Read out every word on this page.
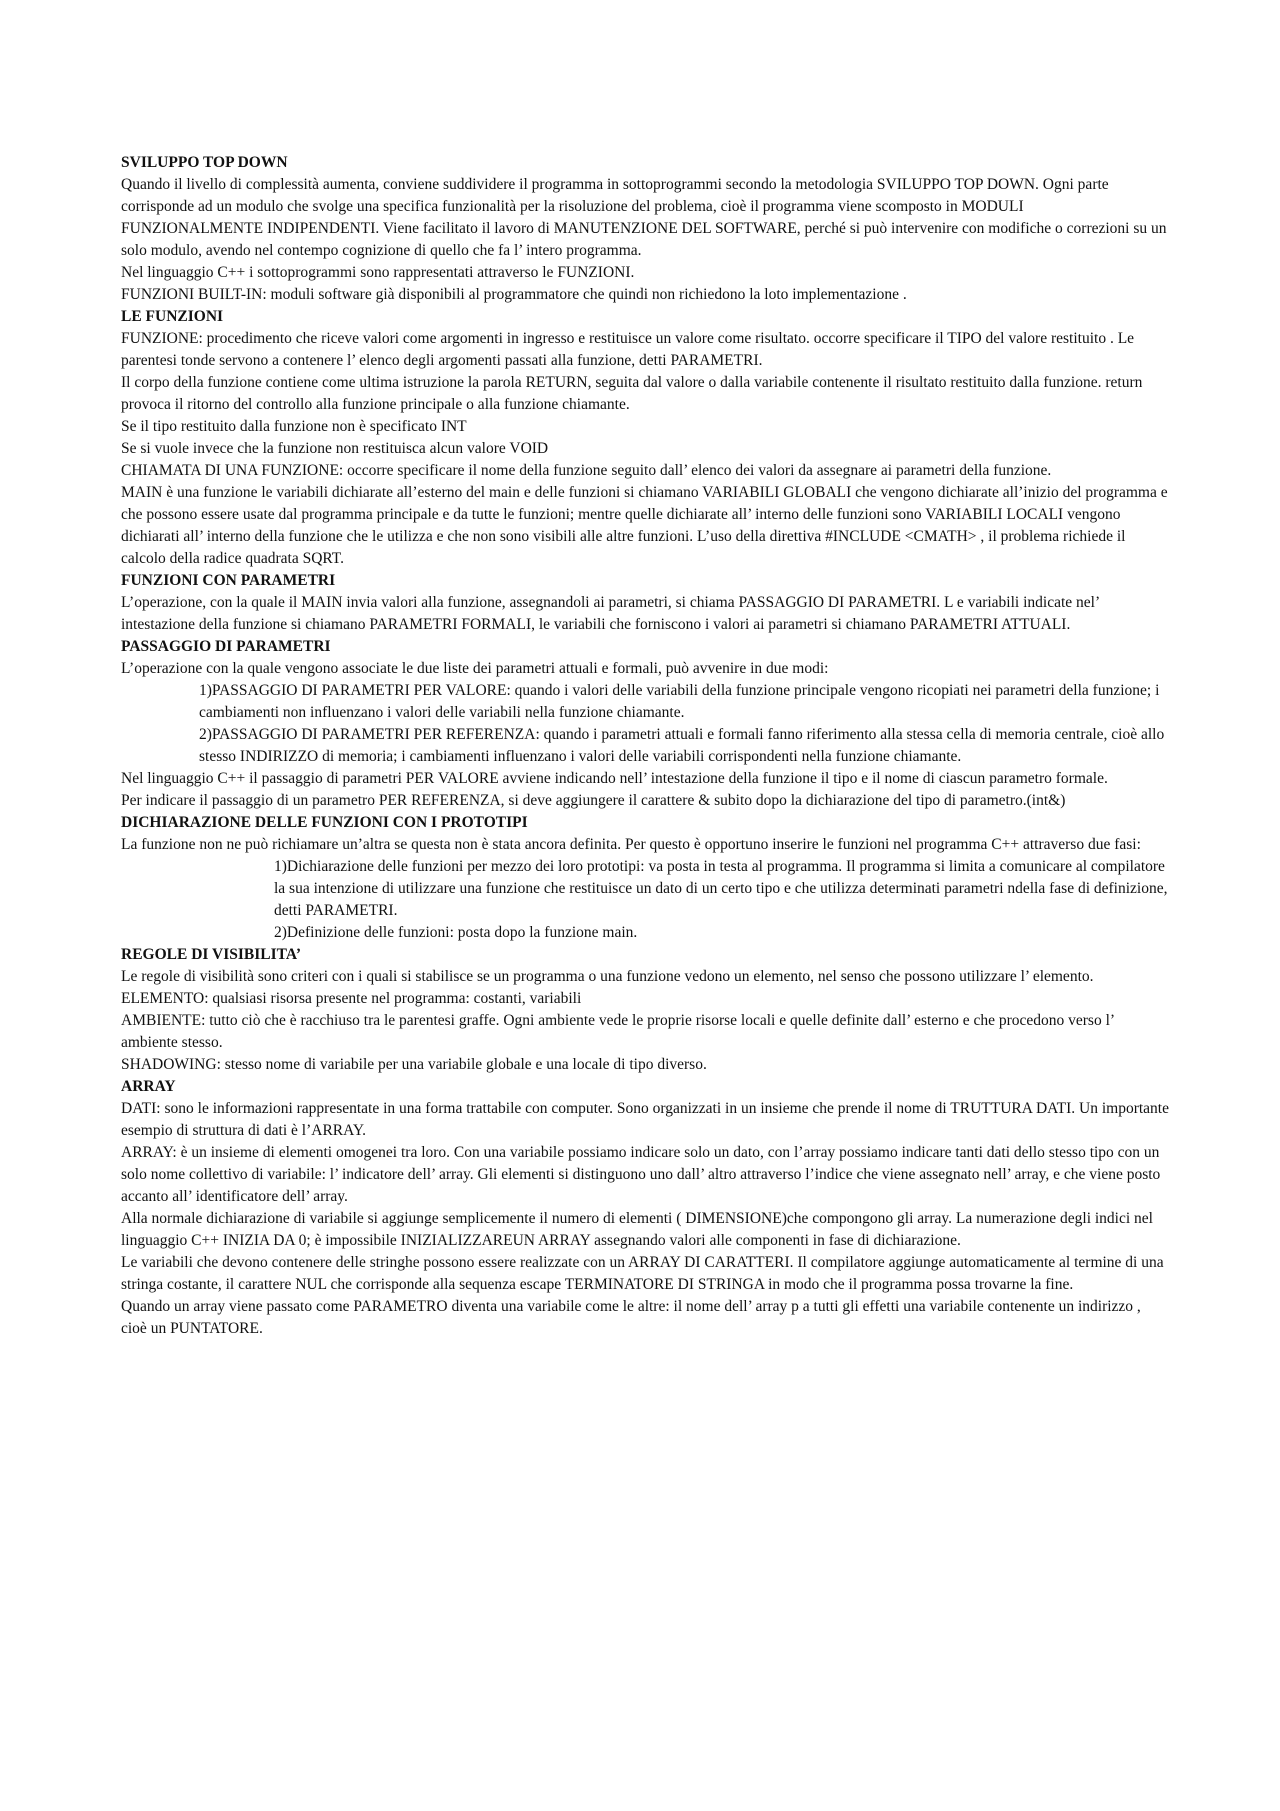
SVILUPPO TOP DOWN

Quando il livello di complessità aumenta, conviene suddividere il programma in sottoprogrammi secondo la metodologia SVILUPPO TOP DOWN. Ogni parte corrisponde ad un modulo che svolge una specifica funzionalità per la risoluzione del problema, cioè il programma viene scomposto in MODULI FUNZIONALMENTE INDIPENDENTI. Viene facilitato il lavoro di MANUTENZIONE DEL SOFTWARE, perché si può intervenire con modifiche o correzioni su un solo modulo, avendo nel contempo cognizione di quello che fa l’ intero programma.

Nel linguaggio C++ i sottoprogrammi sono rappresentati attraverso le FUNZIONI.

FUNZIONI BUILT-IN: moduli software già disponibili al programmatore che quindi non richiedono la loto implementazione .

LE FUNZIONI

FUNZIONE: procedimento che riceve valori come argomenti in ingresso e restituisce un valore come risultato. occorre specificare il TIPO del valore restituito . Le parentesi tonde servono a contenere l’ elenco degli argomenti passati alla funzione, detti PARAMETRI.

Il corpo della funzione contiene come ultima istruzione la parola RETURN, seguita dal valore o dalla variabile contenente il risultato restituito dalla funzione. return provoca il ritorno del controllo alla funzione principale o alla funzione chiamante.

Se il tipo restituito dalla funzione non è specificato INT

Se si vuole invece che la funzione non restituisca alcun valore VOID

CHIAMATA DI UNA FUNZIONE: occorre specificare il nome della funzione seguito dall’ elenco dei valori da assegnare ai parametri della funzione.

MAIN è una funzione le variabili dichiarate all’esterno del main e delle funzioni si chiamano VARIABILI GLOBALI che vengono dichiarate all’inizio del programma e che possono essere usate dal programma principale e da tutte le funzioni; mentre quelle dichiarate all’ interno delle funzioni sono VARIABILI LOCALI vengono dichiarati all’ interno della funzione che le utilizza e che non sono visibili alle altre funzioni. L’uso della direttiva #INCLUDE <CMATH> , il problema richiede il calcolo della radice quadrata SQRT.

FUNZIONI CON PARAMETRI

L’operazione, con la quale il MAIN invia valori alla funzione, assegnandoli ai parametri, si chiama PASSAGGIO DI PARAMETRI. L e variabili indicate nel’ intestazione della funzione si chiamano PARAMETRI FORMALI, le variabili che forniscono i valori ai parametri si chiamano PARAMETRI ATTUALI.

PASSAGGIO DI PARAMETRI

L’operazione con la quale vengono associate le due liste dei parametri attuali e formali, può avvenire in due modi:

1)PASSAGGIO DI PARAMETRI PER VALORE: quando i valori delle variabili della funzione principale vengono ricopiati nei parametri della funzione; i cambiamenti non influenzano i valori delle variabili nella funzione chiamante.

2)PASSAGGIO DI PARAMETRI PER REFERENZA: quando i parametri attuali e formali fanno riferimento alla stessa cella di memoria centrale, cioè allo stesso INDIRIZZO di memoria; i cambiamenti influenzano i valori delle variabili corrispondenti nella funzione chiamante.

Nel linguaggio C++ il passaggio di parametri PER VALORE avviene indicando nell’ intestazione della funzione il tipo e il nome di ciascun parametro formale.

Per indicare il passaggio di un parametro PER REFERENZA, si deve aggiungere il carattere & subito dopo la dichiarazione del tipo di parametro.(int&)

DICHIARAZIONE DELLE FUNZIONI CON I PROTOTIPI

La funzione non ne può richiamare un’altra se questa non è stata ancora definita. Per questo è opportuno inserire le funzioni nel programma C++ attraverso due fasi:

1)Dichiarazione delle funzioni per mezzo dei loro prototipi: va posta in testa al programma. Il programma si limita a comunicare al compilatore la sua intenzione di utilizzare una funzione che restituisce un dato di un certo tipo e che utilizza determinati parametri ndella fase di definizione, detti PARAMETRI.

2)Definizione delle funzioni: posta dopo la funzione main.

REGOLE DI VISIBILITA’

Le regole di visibilità sono criteri con i quali si stabilisce se un programma o una funzione vedono un elemento, nel senso che possono utilizzare l’ elemento.

ELEMENTO: qualsiasi risorsa presente nel programma: costanti, variabili

AMBIENTE: tutto ciò che è racchiuso tra le parentesi graffe. Ogni ambiente vede le proprie risorse locali e quelle definite dall’ esterno e che procedono verso l’ ambiente stesso.

SHADOWING: stesso nome di variabile per una variabile globale e una locale di tipo diverso.

ARRAY

DATI: sono le informazioni rappresentate in una forma trattabile con computer. Sono organizzati in un insieme che prende il nome di TRUTTURA DATI. Un importante esempio di struttura di dati è l’ARRAY.

ARRAY: è un insieme di elementi omogenei tra loro. Con una variabile possiamo indicare solo un dato, con l’array possiamo indicare tanti dati dello stesso tipo con un solo nome collettivo di variabile: l’ indicatore dell’ array. Gli elementi si distinguono uno dall’ altro attraverso l’indice che viene assegnato nell’ array, e che viene posto accanto all’ identificatore dell’ array.

Alla normale dichiarazione di variabile si aggiunge semplicemente il numero di elementi ( DIMENSIONE)che compongono gli array. La numerazione degli indici nel linguaggio C++ INIZIA DA 0; è impossibile INIZIALIZZAREUN ARRAY assegnando valori alle componenti in fase di dichiarazione.

Le variabili che devono contenere delle stringhe possono essere realizzate con un ARRAY DI CARATTERI. Il compilatore aggiunge automaticamente al termine di una stringa costante, il carattere NUL che corrisponde alla sequenza escape TERMINATORE DI STRINGA in modo che il programma possa trovarne la fine.

Quando un array viene passato come PARAMETRO diventa una variabile come le altre: il nome dell’ array p a tutti gli effetti una variabile contenente un indirizzo , cioè un PUNTATORE.
